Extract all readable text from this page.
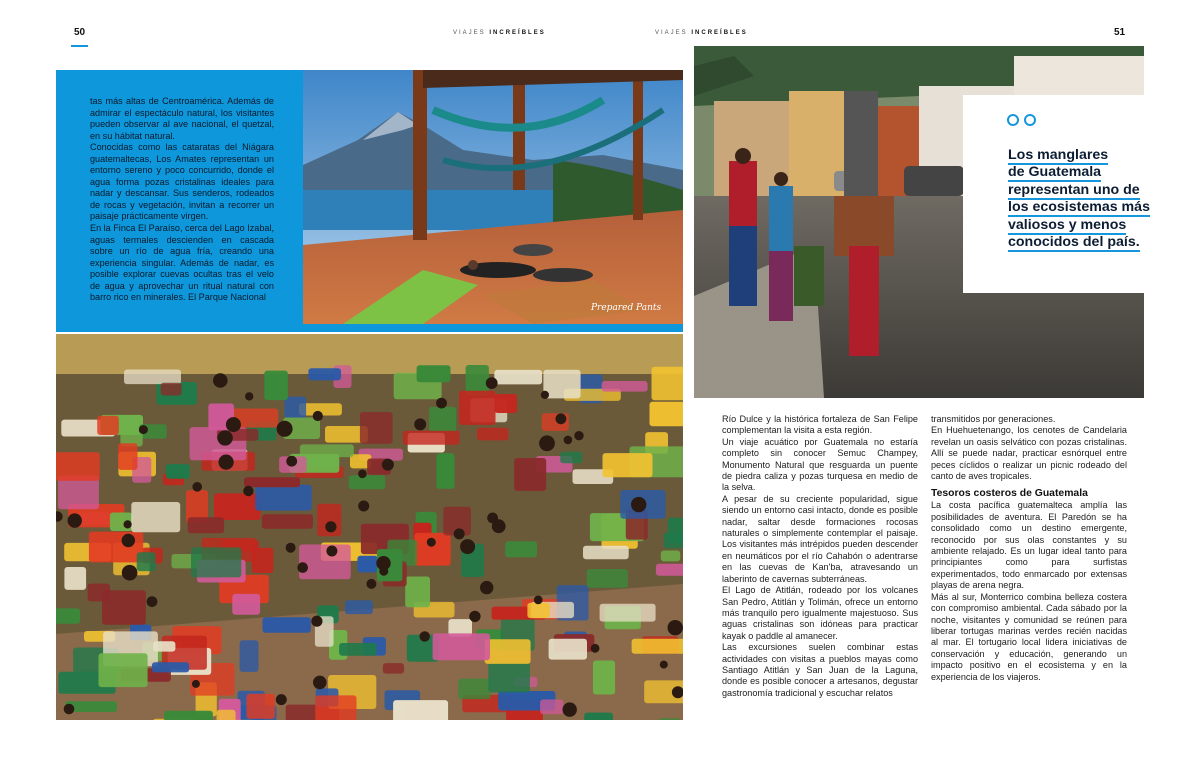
50	VIAJES INCREÍBLES	VIAJES INCREÍBLES	51
tas más altas de Centroamérica. Además de admirar el espectáculo natural, los visitantes pueden observar al ave nacional, el quetzal, en su hábitat natural.
Conocidas como las cataratas del Niágara guatemaltecas, Los Amates representan un entorno sereno y poco concurrido, donde el agua forma pozas cristalinas ideales para nadar y descansar. Sus senderos, rodeados de rocas y vegetación, invitan a recorrer un paisaje prácticamente virgen.
En la Finca El Paraíso, cerca del Lago Izabal, aguas termales descienden en cascada sobre un río de agua fría, creando una experiencia singular. Además de nadar, es posible explorar cuevas ocultas tras el velo de agua y aprovechar un ritual natural con barro rico en minerales. El Parque Nacional
Prepared Pants
Los manglares
de Guatemala
representan uno de
los ecosistemas más
valiosos y menos
conocidos del país.

Río Dulce y la histórica fortaleza de San Felipe complementan la visita a esta región.

Un viaje acuático por Guatemala no estaría completo sin conocer Semuc Champey, Monumento Natural que resguarda un puente de piedra caliza y pozas turquesa en medio de la selva.

A pesar de su creciente popularidad, sigue siendo un entorno casi intacto, donde es posible nadar, saltar desde formaciones rocosas naturales o simplemente contemplar el paisaje. Los visitantes más intrépidos pueden descender en neumáticos por el río Cahabón o adentrarse en las cuevas de Kan'ba, atravesando un laberinto de cavernas subterráneas.

El Lago de Atitlán, rodeado por los volcanes San Pedro, Atitlán y Tolimán, ofrece un entorno más tranquilo pero igualmente majestuoso. Sus aguas cristalinas son idóneas para practicar kayak o paddle al amanecer.

Las excursiones suelen combinar estas actividades con visitas a pueblos mayas como Santiago Atitlán y San Juan de la Laguna, donde es posible conocer a artesanos, degustar gastronomía tradicional y escuchar relatos

transmitidos por generaciones.

En Huehuetenango, los cenotes de Candelaria revelan un oasis selvático con pozas cristalinas. Allí se puede nadar, practicar esnórquel entre peces cíclidos o realizar un picnic rodeado del canto de aves tropicales.

Tesoros costeros de Guatemala

La costa pacífica guatemalteca amplía las posibilidades de aventura. El Paredón se ha consolidado como un destino emergente, reconocido por sus olas constantes y su ambiente relajado. Es un lugar ideal tanto para principiantes como para surfistas experimentados, todo enmarcado por extensas playas de arena negra.

Más al sur, Monterrico combina belleza costera con compromiso ambiental. Cada sábado por la noche, visitantes y comunidad se reúnen para liberar tortugas marinas verdes recién nacidas al mar. El tortugario local lidera iniciativas de conservación y educación, generando un impacto positivo en el ecosistema y en la experiencia de los viajeros.
